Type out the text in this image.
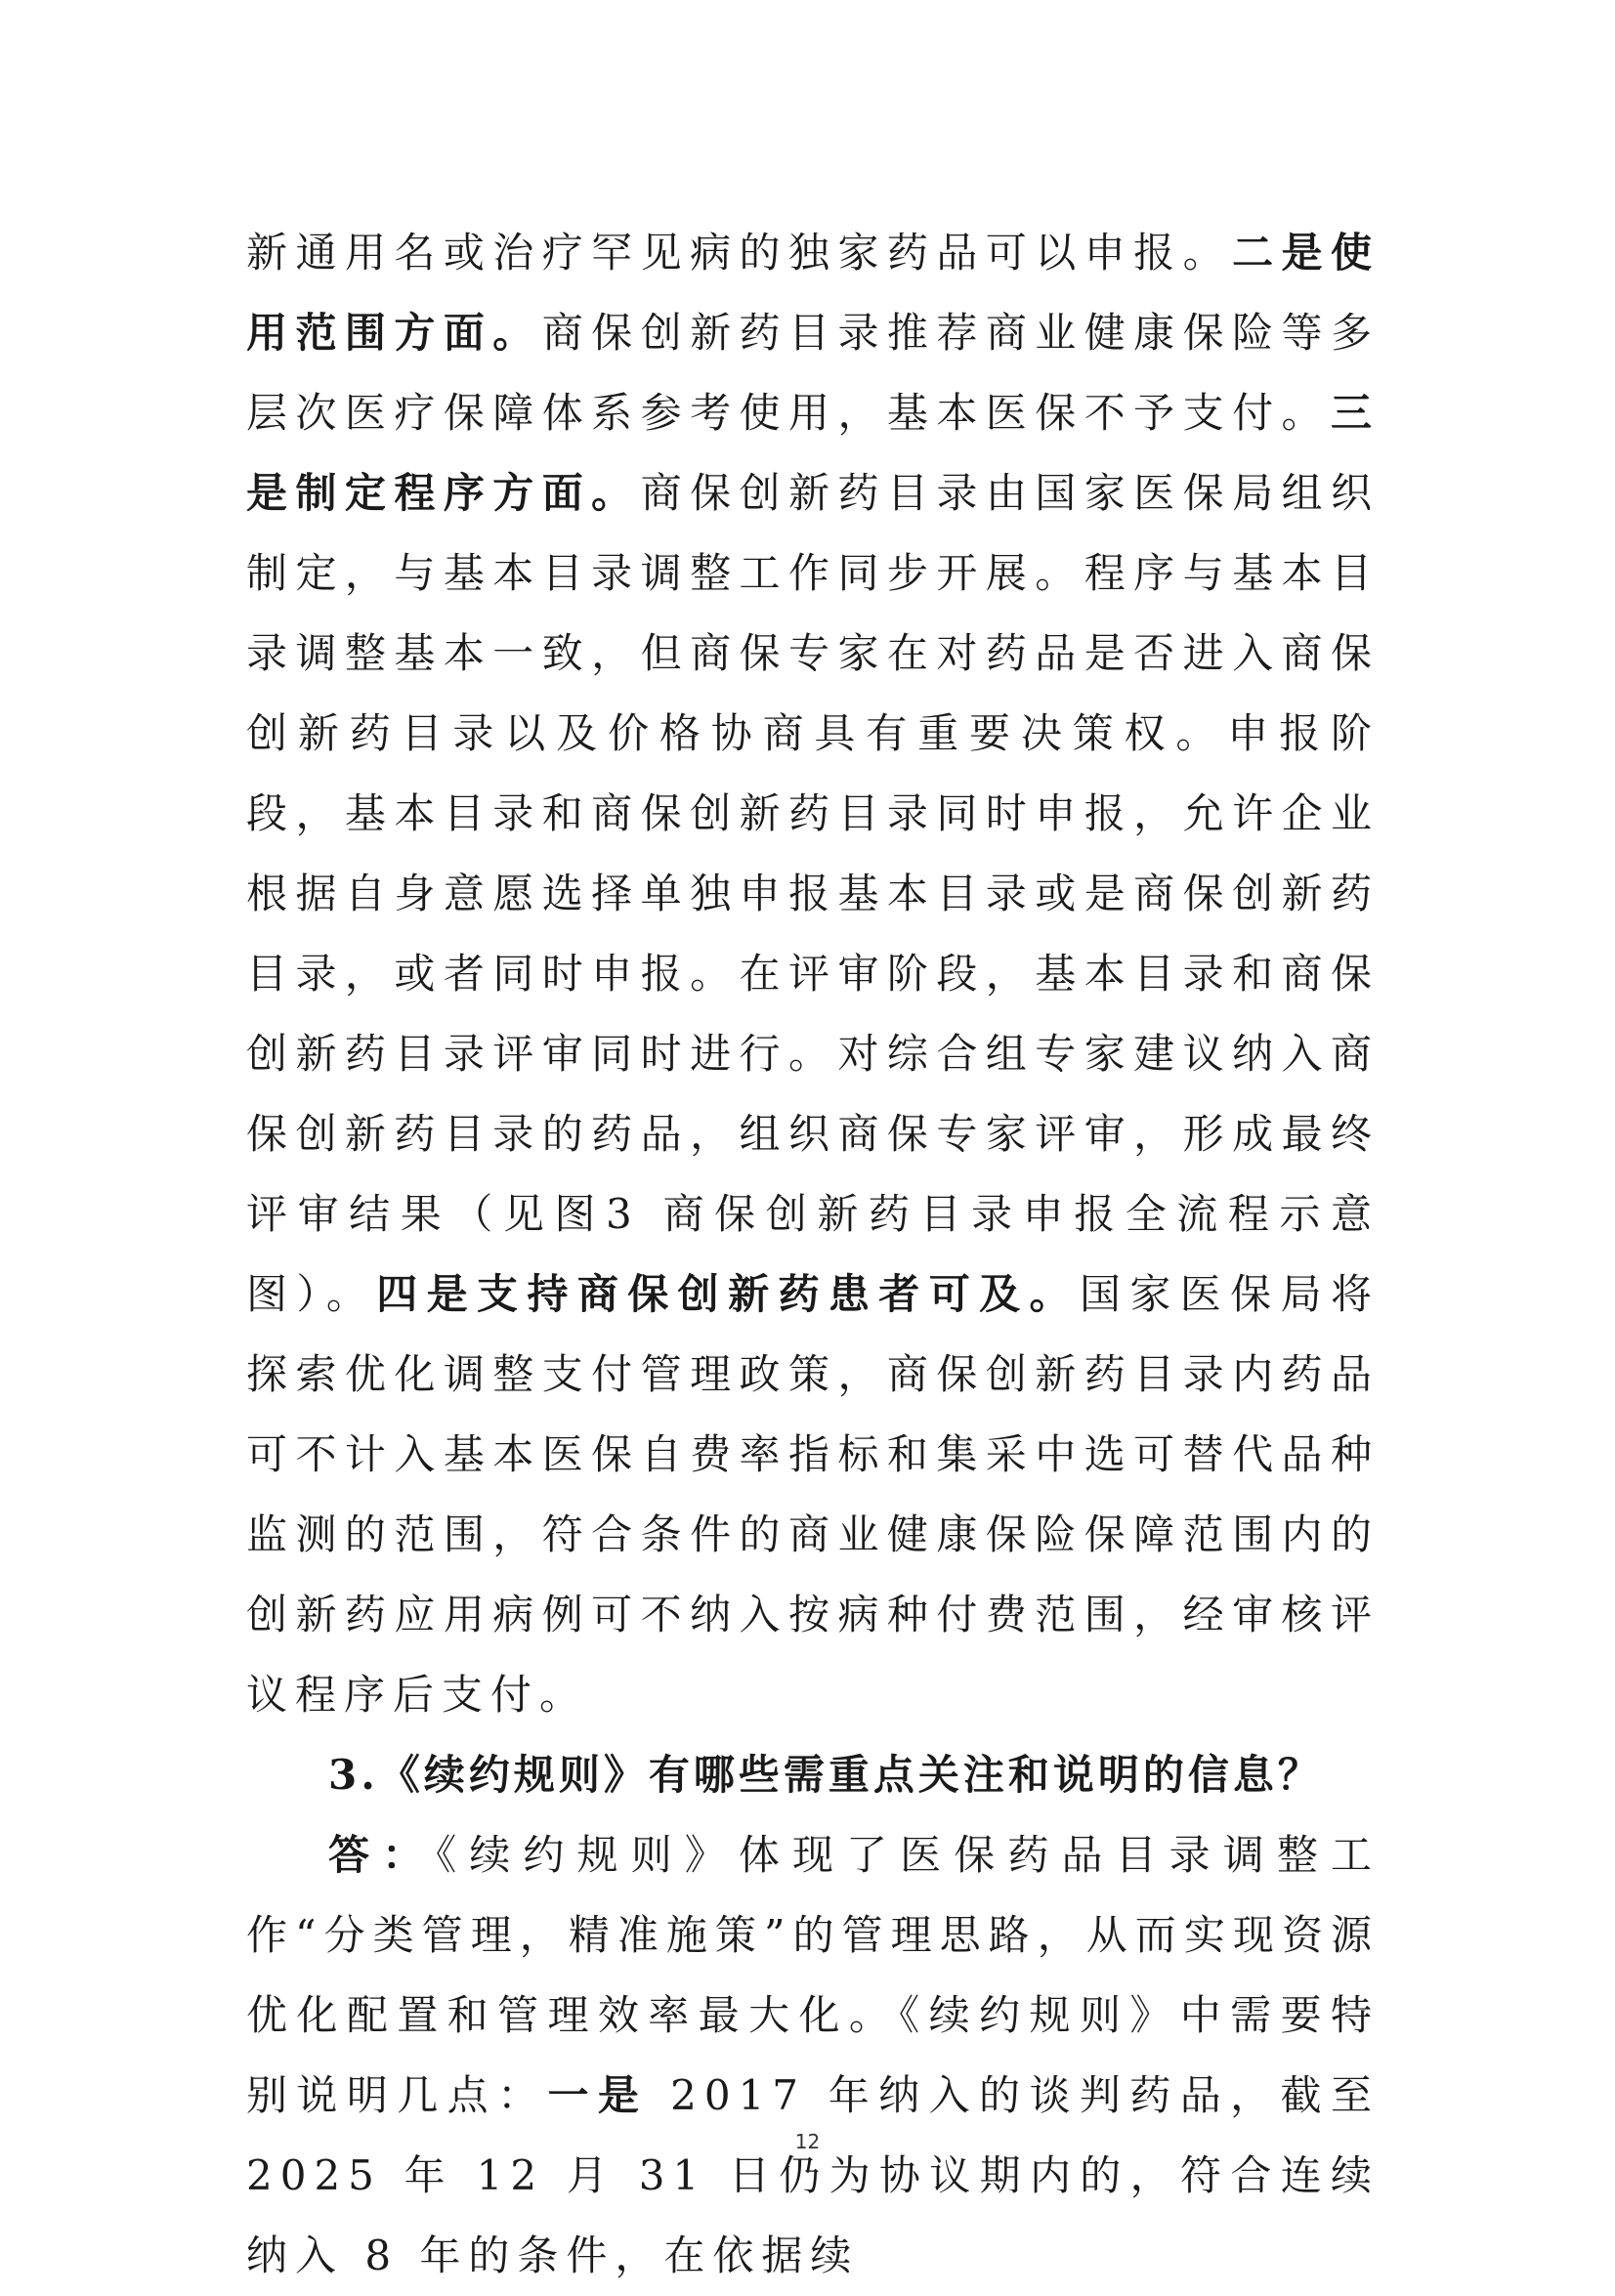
新通用名或治疗罕见病的独家药品可以申报。二是使用范围方面。商保创新药目录推荐商业健康保险等多层次医疗保障体系参考使用，基本医保不予支付。三是制定程序方面。商保创新药目录由国家医保局组织制定，与基本目录调整工作同步开展。程序与基本目录调整基本一致，但商保专家在对药品是否进入商保创新药目录以及价格协商具有重要决策权。申报阶段，基本目录和商保创新药目录同时申报，允许企业根据自身意愿选择单独申报基本目录或是商保创新药目录，或者同时申报。在评审阶段，基本目录和商保创新药目录评审同时进行。对综合组专家建议纳入商保创新药目录的药品，组织商保专家评审，形成最终评审结果（见图3 商保创新药目录申报全流程示意图）。四是支持商保创新药患者可及。国家医保局将探索优化调整支付管理政策，商保创新药目录内药品可不计入基本医保自费率指标和集采中选可替代品种监测的范围，符合条件的商业健康保险保障范围内的创新药应用病例可不纳入按病种付费范围，经审核评议程序后支付。

3.《续约规则》有哪些需重点关注和说明的信息？

答：《续约规则》体现了医保药品目录调整工作“分类管理，精准施策”的管理思路，从而实现资源优化配置和管理效率最大化。《续约规则》中需要特别说明几点：一是 2017 年纳入的谈判药品，截至 2025 年 12 月 31 日仍为协议期内的，符合连续纳入 8 年的条件，在依据续

12
